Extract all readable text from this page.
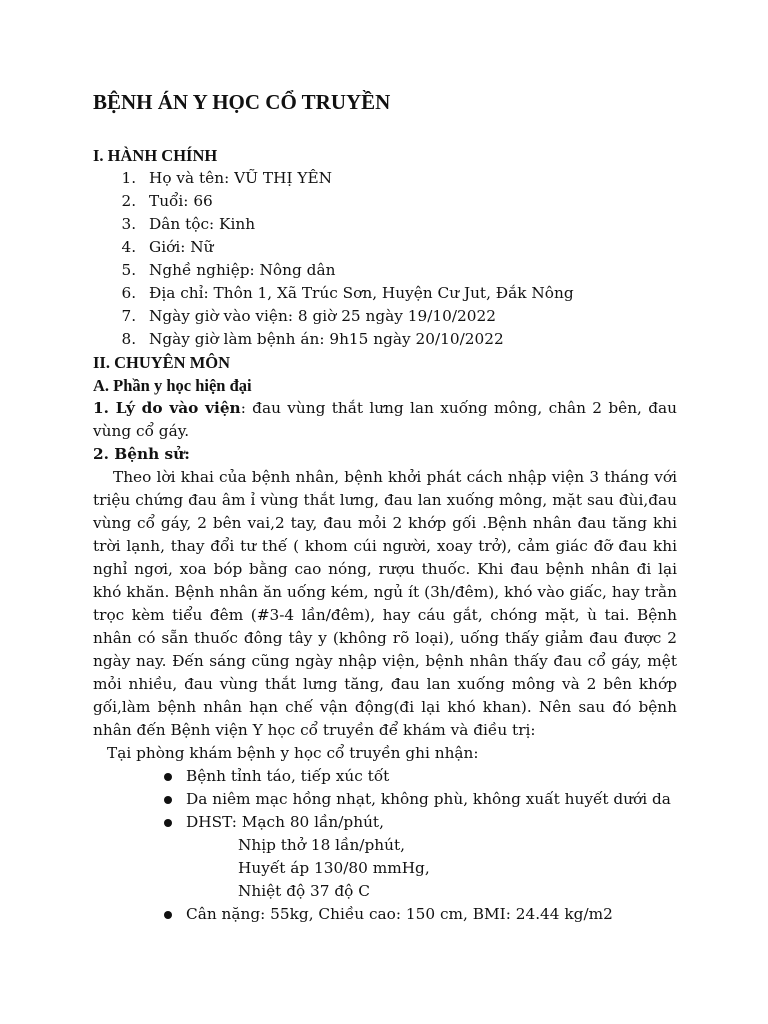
BỆNH ÁN Y HỌC CỔ TRUYỀN
I. HÀNH CHÍNH
1. Họ và tên: VŨ THỊ YÊN
2. Tuổi: 66
3. Dân tộc: Kinh
4. Giới: Nữ
5. Nghề nghiệp: Nông dân
6. Địa chỉ: Thôn 1, Xã Trúc Sơn, Huyện Cư Jut, Đắk Nông
7. Ngày giờ vào viện: 8 giờ 25 ngày 19/10/2022
8. Ngày giờ làm bệnh án: 9h15 ngày 20/10/2022
II. CHUYÊN MÔN
A. Phần y học hiện đại
1. Lý do vào viện: đau vùng thắt lưng lan xuống mông, chân 2 bên, đau vùng cổ gáy.
2. Bệnh sử:
Theo lời khai của bệnh nhân, bệnh khởi phát cách nhập viện 3 tháng với triệu chứng đau âm ỉ vùng thắt lưng, đau lan xuống mông, mặt sau đùi,đau vùng cổ gáy, 2 bên vai,2 tay, đau mỏi 2 khớp gối .Bệnh nhân đau tăng khi trời lạnh, thay đổi tư thế ( khom cúi người, xoay trở), cảm giác đỡ đau khi nghỉ ngơi, xoa bóp bằng cao nóng, rượu thuốc. Khi đau bệnh nhân đi lại khó khăn. Bệnh nhân ăn uống kém, ngủ ít (3h/đêm), khó vào giấc, hay trằn trọc kèm tiểu đêm (#3-4 lần/đêm), hay cáu gắt, chóng mặt, ù tai. Bệnh nhân có sẵn thuốc đông tây y (không rõ loại), uống thấy giảm đau được 2 ngày nay. Đến sáng cũng ngày nhập viện, bệnh nhân thấy đau cổ gáy, mệt mỏi nhiều, đau vùng thắt lưng tăng, đau lan xuống mông và 2 bên khớp gối,làm bệnh nhân hạn chế vận động(đi lại khó khan). Nên sau đó bệnh nhân đến Bệnh viện Y học cổ truyền để khám và điều trị:
Tại phòng khám bệnh y học cổ truyền ghi nhận:
Bệnh tỉnh táo, tiếp xúc tốt
Da niêm mạc hồng nhạt, không phù, không xuất huyết dưới da
DHST: Mạch 80 lần/phút,
Nhịp thở 18 lần/phút,
Huyết áp 130/80 mmHg,
Nhiệt độ 37 độ C
Cân nặng: 55kg, Chiều cao: 150 cm, BMI: 24.44 kg/m2
